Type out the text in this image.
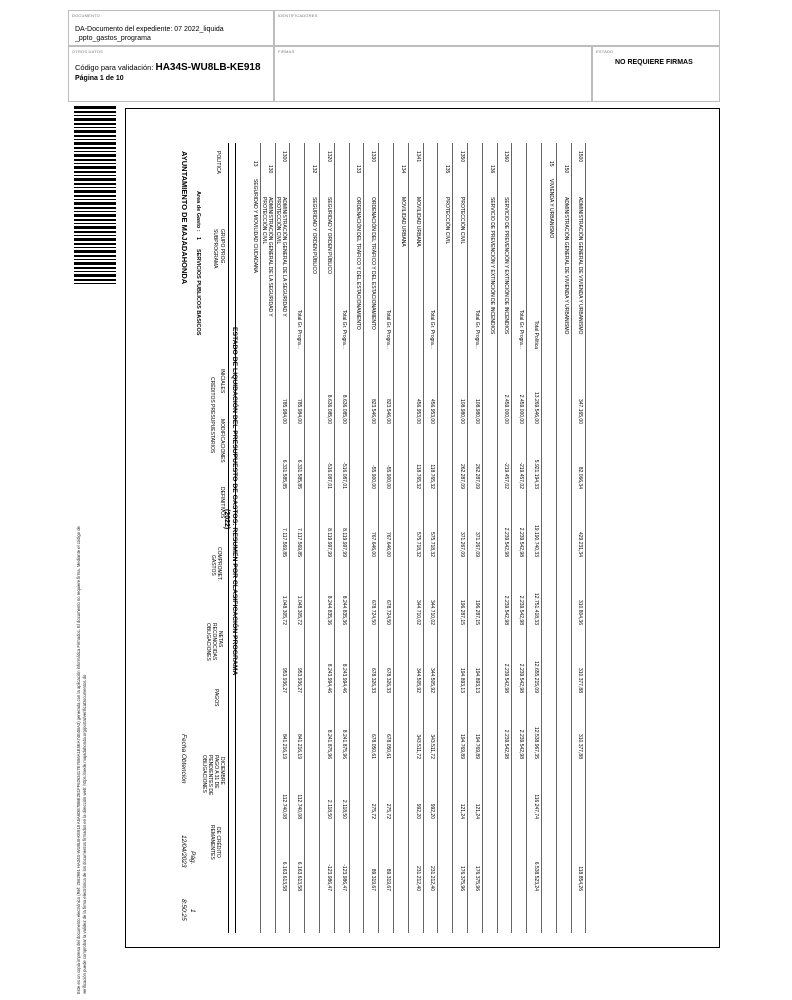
DOCUMENTO
DA-Documento del expediente: 07 2022_liquida _ppto_gastos_programa
IDENTIFICADORES
OTROS DATOS
Código para validación: HA34S-WU8LB-KE918
Página 1 de 10
FIRMAS	ESTADO
NO REQUIERE FIRMAS
Este es un copia impresa del documento electrónico (Ref: 2562991 HA34S-WU8LB-KE918 A5A6DE7BBE2E1FF6263417E7656A1E5EA74E4BA3) generada con la aplicación informática Firmadoc. El documento no requiere firma. Mediante el código de verificación puede comprobar la validez de la firma electrónica de los documentos firmados en la dirección web: https://sede.majadahonda.org/portal/verificaDocumentos.do
AYUNTAMIENTO DE MAJADAHONDA
(2022) ESTADO DE LIQUIDACIÓN DEL PRESUPUESTO DE GASTOS: RESUMEN POR CLASIFICACIÓN PROGRAMA
Fecha Obtención
12/04/2023
8:50:25
Pág.
1
Area de Gasto :
1
SERVICIOS PUBLICOS BASICOS
POLITICA
GRUPO PROG.
SUBPROGRAMA
CRÉDITOS PRESUPUESTARIOS INICIALES
MODIFICACIONES
DEFINITIVOS
GASTOS COMPROMET.
OBLIGACIONES RECONOCIDAS NETAS
PAGOS
OBLIGACIONES PENDIENTES DE PAGO A 31 DE DICIEMBRE
REMANENTES DE CRÉDITO
13
SEGURIDAD Y MOVILIDAD CIUDADANA
130
ADMINISTRACIÓN GENERAL DE LA SEGURIDAD Y PROTECCIÓN CIVIL
1300
ADMINISTRACIÓN GENERAL DE LA SEGURIDAD Y PROTECCIÓN CIVIL
785.984,00
6.331.585,85
7.117.569,85
1.048.305,72
953.936,27
841.216,19
112.740,08
6.163.613,58
Total Gr. Progra...
785.984,00
6.331.585,85
7.117.569,85
1.048.305,72
953.936,27
841.216,19
112.740,08
6.163.613,58
132
SEGURIDAD Y ORDEN PÚBLICO
1320
SEGURIDAD Y ORDEN PÚBLICO
8.636.085,00
-516.087,01
8.119.997,99
8.244.835,36
8.243.994,46
8.241.875,96
2.118,50
-123.986,47
Total Gr. Progra...
8.636.085,00
-516.087,01
8.119.997,99
8.244.835,36
8.243.994,46
8.241.875,96
2.118,50
-123.986,47
133
ORDENACIÓN DEL TRÁFICO Y DEL ESTACIONAMIENTO
1330
ORDENACIÓN DEL TRÁFICO Y DEL ESTACIONAMIENTO
823.546,00
-55.900,00
767.646,00
678.724,50
678.326,33
678.050,61
275,72
89.319,67
Total Gr. Progra...
823.546,00
-55.900,00
767.646,00
678.724,50
678.326,33
678.050,61
275,72
89.319,67
134
MOVILIDAD URBANA
1341
MOVILIDAD URBANA
456.953,00
118.765,32
575.718,32
344.710,02
344.505,92
343.511,72
992,20
231.212,40
Total Gr. Progra...
456.953,00
118.765,32
575.718,32
344.710,02
344.505,92
343.511,72
992,20
231.212,40
135
PROTECCIÓN CIVIL
1350
PROTECCIÓN CIVIL
108.980,00
262.287,09
371.267,09
196.287,15
194.893,13
194.769,89
121,24
176.375,96
Total Gr. Progra...
108.980,00
262.287,09
371.267,09
196.287,15
194.893,13
194.769,89
121,24
176.375,96
136
SERVICIO DE PREVENCIÓN Y EXTINCIÓN DE INCENDIOS
1360
SERVICIO DE PREVENCIÓN Y EXTINCIÓN DE INCENDIOS
2.459.000,00
-219.457,02
2.239.542,98
2.239.542,98
2.239.542,98
2.239.542,98
Total Gr. Progra...
2.459.000,00
-219.457,02
2.239.542,98
2.239.542,98
2.239.542,98
2.239.542,98
Total Política
13.269.546,00
5.921.194,33
19.190.740,33
12.751.418,33
12.655.215,09
12.538.967,35
116.247,74
6.538.523,24
15
VIVIENDA Y URBANISMO
150
ADMINISTRACIÓN GENERAL DE VIVIENDA Y URBANISMO
1500
ADMINISTRACIÓN GENERAL DE VIVIENDA Y URBANISMO
347.165,00
82.066,34
429.231,34
310.804,36
310.377,88
310.377,88
118.854,26
